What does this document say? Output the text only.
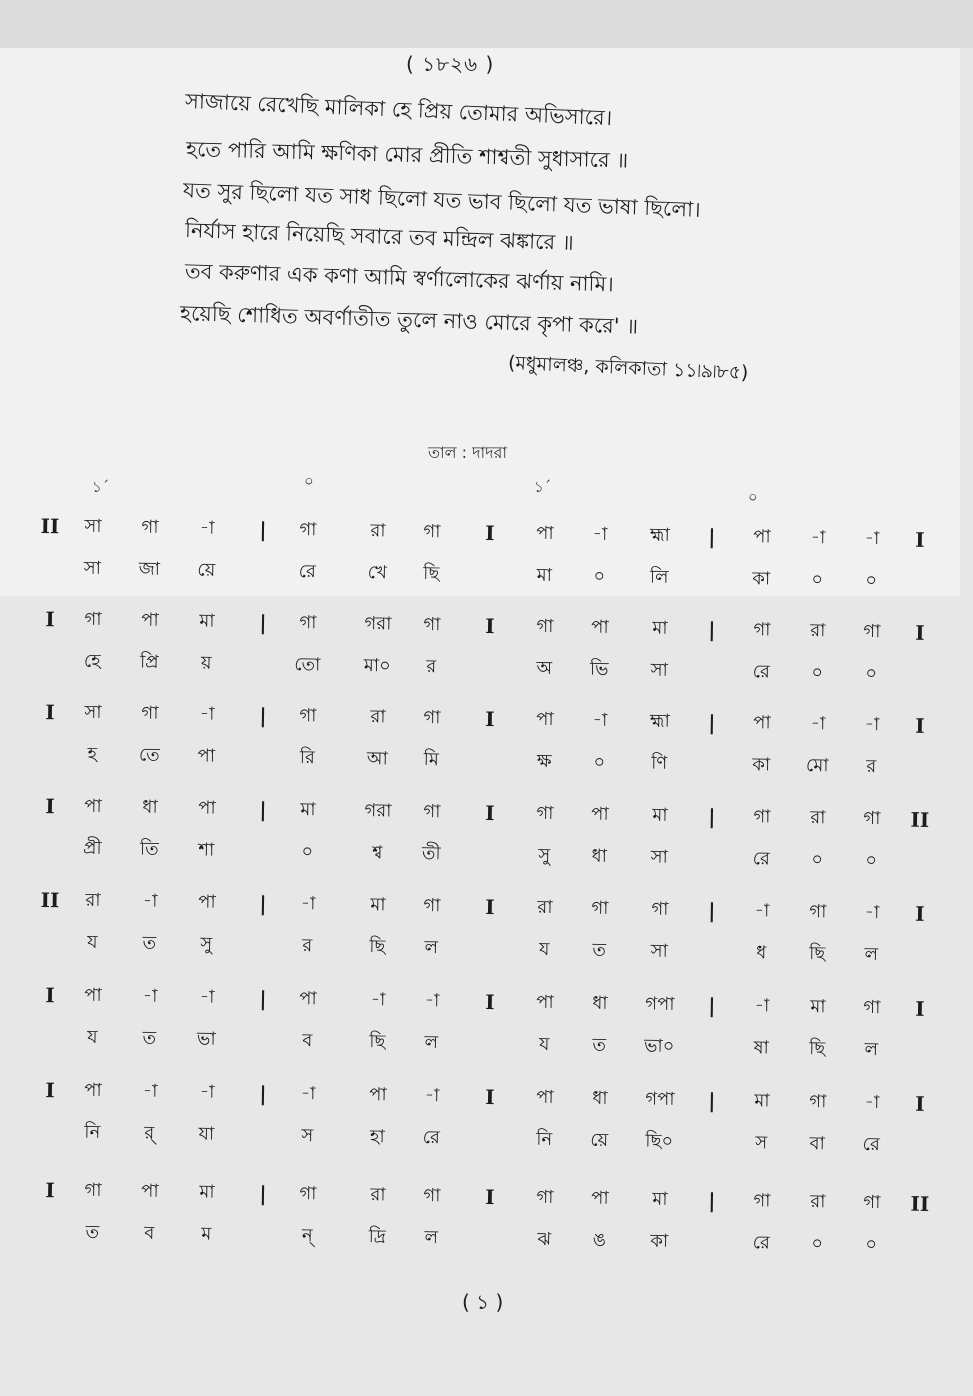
( ১৮২৬ )
সাজায়ে রেখেছি মালিকা হে প্রিয় তোমার অভিসারে।
হতে পারি আমি ক্ষণিকা মোর প্রীতি শাশ্বতী সুধাসারে ॥
যত সুর ছিলো যত সাধ ছিলো যত ভাব ছিলো যত ভাষা ছিলো।
নির্যাস হারে নিয়েছি সবারে তব মন্দ্রিল ঝঙ্কারে ॥
তব করুণার এক কণা আমি স্বর্ণালোকের ঝর্ণায় নামি।
হয়েছি শোধিত অবর্ণাতীত তুলে নাও মোরে কৃপা করে' ॥
(মধুমালঞ্চ, কলিকাতা ১১৷৯৷৮৫)
তাল : দাদরা
১´	০	১´
০
II	|	I	|	I
সা	গা	-া	গা	রা	গা	পা	-া	হ্মা	পা	-া	-া
সা	জা	য়ে	রে	খে	ছি	মা	০	লি	কা	০	০
I	|	I	|	I
গা	পা	মা	গা	গরা	গা	গা	পা	মা	গা	রা	গা
হে	প্রি	য়	তো	মা০	র	অ	ভি	সা	রে	০	০
I	|	I	|	I
সা	গা	-া	গা	রা	গা	পা	-া	হ্মা	পা	-া	-া
হ	তে	পা	রি	আ	মি	ক্ষ	০	ণি	কা	মো	র
I	|	I	|	II
পা	ধা	পা	মা	গরা	গা	গা	পা	মা	গা	রা	গা
প্রী	তি	শা	০	শ্ব	তী	সু	ধা	সা	রে	০	০
II	|	I	|	I
রা	-া	পা	-া	মা	গা	রা	গা	গা	-া	গা	-া
য	ত	সু	র	ছি	ল	য	ত	সা	ধ	ছি	ল
I	|	I	|	I
পা	-া	-া	পা	-া	-া	পা	ধা	গপা	-া	মা	গা
য	ত	ভা	ব	ছি	ল	য	ত	ভা০	ষা	ছি	ল
I	|	I	|	I
পা	-া	-া	-া	পা	-া	পা	ধা	গপা	মা	গা	-া
নি	র্	যা	স	হা	রে	নি	য়ে	ছি০	স	বা	রে
I	|	I	|	II
গা	পা	মা	গা	রা	গা	গা	পা	মা	গা	রা	গা
ত	ব	ম	ন্	দ্রি	ল	ঝ	ঙ	কা	রে	০	০
( ১ )
